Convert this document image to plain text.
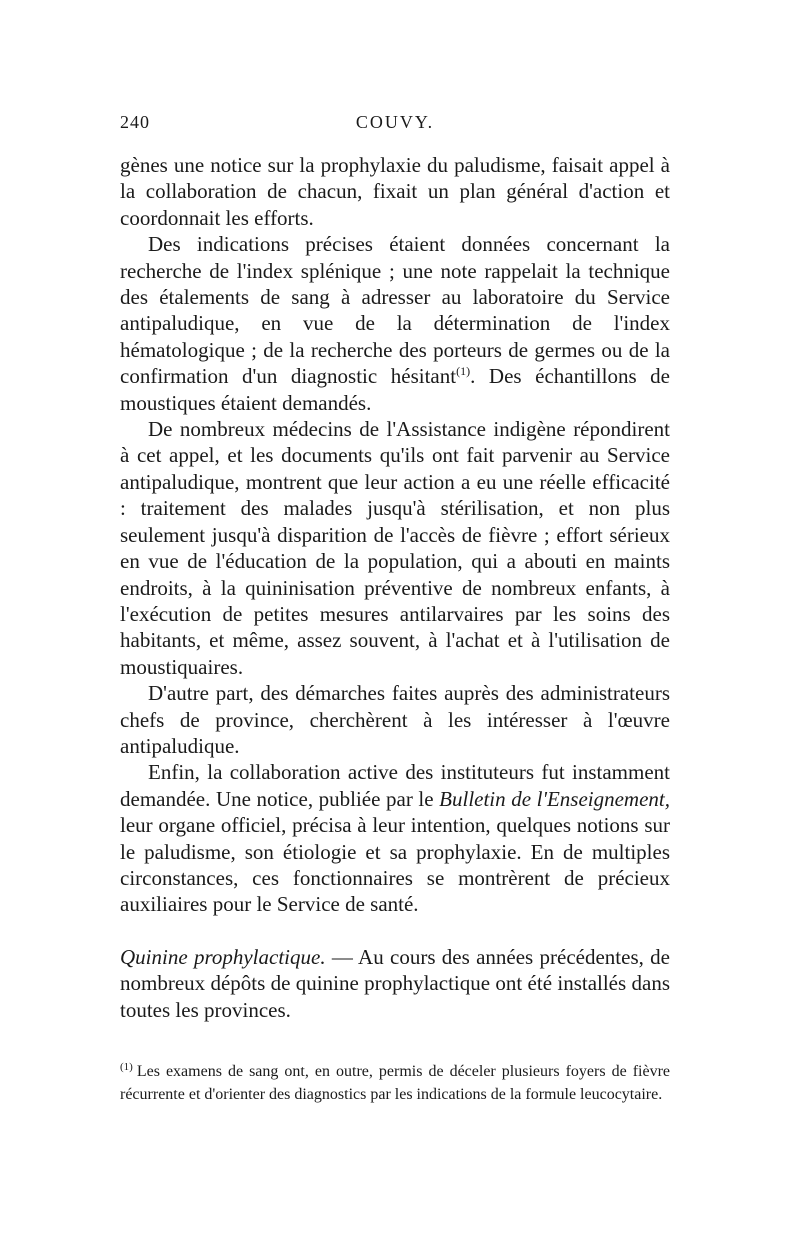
240	COUVY.

gènes une notice sur la prophylaxie du paludisme, faisait appel à la collaboration de chacun, fixait un plan général d'action et coordonnait les efforts.

Des indications précises étaient données concernant la recherche de l'index splénique ; une note rappelait la technique des étalements de sang à adresser au laboratoire du Service antipaludique, en vue de la détermination de l'index hématologique ; de la recherche des porteurs de germes ou de la confirmation d'un diagnostic hésitant$^{(1)}$. Des échantillons de moustiques étaient demandés.

De nombreux médecins de l'Assistance indigène répondirent à cet appel, et les documents qu'ils ont fait parvenir au Service antipaludique, montrent que leur action a eu une réelle efficacité : traitement des malades jusqu'à stérilisation, et non plus seulement jusqu'à disparition de l'accès de fièvre ; effort sérieux en vue de l'éducation de la population, qui a abouti en maints endroits, à la quininisation préventive de nombreux enfants, à l'exécution de petites mesures antilarvaires par les soins des habitants, et même, assez souvent, à l'achat et à l'utilisation de moustiquaires.

D'autre part, des démarches faites auprès des administrateurs chefs de province, cherchèrent à les intéresser à l'œuvre antipaludique.

Enfin, la collaboration active des instituteurs fut instamment demandée. Une notice, publiée par le Bulletin de l'Enseignement, leur organe officiel, précisa à leur intention, quelques notions sur le paludisme, son étiologie et sa prophylaxie. En de multiples circonstances, ces fonctionnaires se montrèrent de précieux auxiliaires pour le Service de santé.

Quinine prophylactique. — Au cours des années précédentes, de nombreux dépôts de quinine prophylactique ont été installés dans toutes les provinces.

$^{(1)}$ Les examens de sang ont, en outre, permis de déceler plusieurs foyers de fièvre récurrente et d'orienter des diagnostics par les indications de la formule leucocytaire.
